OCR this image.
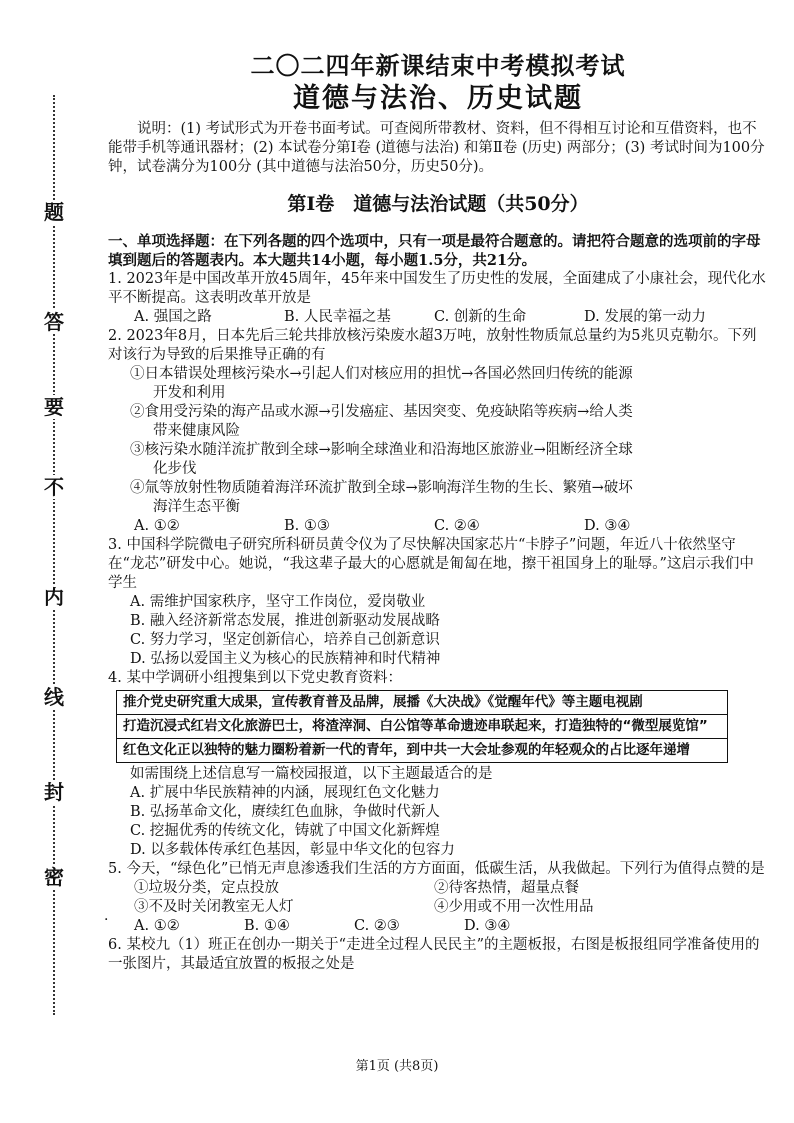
题
答
要
不
内
线
封
密
二〇二四年新课结束中考模拟考试
道德与法治、历史试题

说明：(1) 考试形式为开卷书面考试。可查阅所带教材、资料，但不得相互讨论和互借资料，也不能带手机等通讯器材；(2) 本试卷分第Ⅰ卷 (道德与法治) 和第Ⅱ卷 (历史) 两部分；(3) 考试时间为100分钟，试卷满分为100分 (其中道德与法治50分，历史50分)。

第Ⅰ卷　道德与法治试题（共50分）

一、单项选择题：在下列各题的四个选项中，只有一项是最符合题意的。请把符合题意的选项前的字母填到题后的答题表内。本大题共14小题，每小题1.5分，共21分。

1. 2023年是中国改革开放45周年，45年来中国发生了历史性的发展，全面建成了小康社会，现代化水平不断提高。这表明改革开放是

A. 强国之路	B. 人民幸福之基	C. 创新的生命	D. 发展的第一动力

2. 2023年8月，日本先后三轮共排放核污染废水超3万吨，放射性物质氚总量约为5兆贝克勒尔。下列对该行为导致的后果推导正确的有

①日本错误处理核污染水→引起人们对核应用的担忧→各国必然回归传统的能源

开发和利用

②食用受污染的海产品或水源→引发癌症、基因突变、免疫缺陷等疾病→给人类

带来健康风险

③核污染水随洋流扩散到全球→影响全球渔业和沿海地区旅游业→阻断经济全球

化步伐

④氚等放射性物质随着海洋环流扩散到全球→影响海洋生物的生长、繁殖→破坏

海洋生态平衡

A. ①②	B. ①③	C. ②④	D. ③④

3. 中国科学院微电子研究所科研员黄令仪为了尽快解决国家芯片“卡脖子”问题，年近八十依然坚守在“龙芯”研发中心。她说，“我这辈子最大的心愿就是匍匐在地，擦干祖国身上的耻辱。”这启示我们中学生

A. 需维护国家秩序，坚守工作岗位，爱岗敬业

B. 融入经济新常态发展，推进创新驱动发展战略

C. 努力学习，坚定创新信心，培养自己创新意识

D. 弘扬以爱国主义为核心的民族精神和时代精神

4. 某中学调研小组搜集到以下党史教育资料：

推介党史研究重大成果，宣传教育普及品牌，展播《大决战》《觉醒年代》等主题电视剧
打造沉浸式红岩文化旅游巴士，将渣滓洞、白公馆等革命遗迹串联起来，打造独特的“微型展览馆”
红色文化正以独特的魅力圈粉着新一代的青年，到中共一大会址参观的年轻观众的占比逐年递增

如需围绕上述信息写一篇校园报道，以下主题最适合的是

A. 扩展中华民族精神的内涵，展现红色文化魅力

B. 弘扬革命文化，赓续红色血脉，争做时代新人

C. 挖掘优秀的传统文化，铸就了中国文化新辉煌

D. 以多载体传承红色基因，彰显中华文化的包容力

5. 今天，“绿色化”已悄无声息渗透我们生活的方方面面，低碳生活，从我做起。下列行为值得点赞的是

①垃圾分类，定点投放	②待客热情，超量点餐
③不及时关闭教室无人灯	④少用或不用一次性用品
A. ①②	B. ①④	C. ②③	D. ③④

6. 某校九（1）班正在创办一期关于“走进全过程人民民主”的主题板报，右图是板报组同学准备使用的一张图片，其最适宜放置的板报之处是

·
第1页 (共8页)
